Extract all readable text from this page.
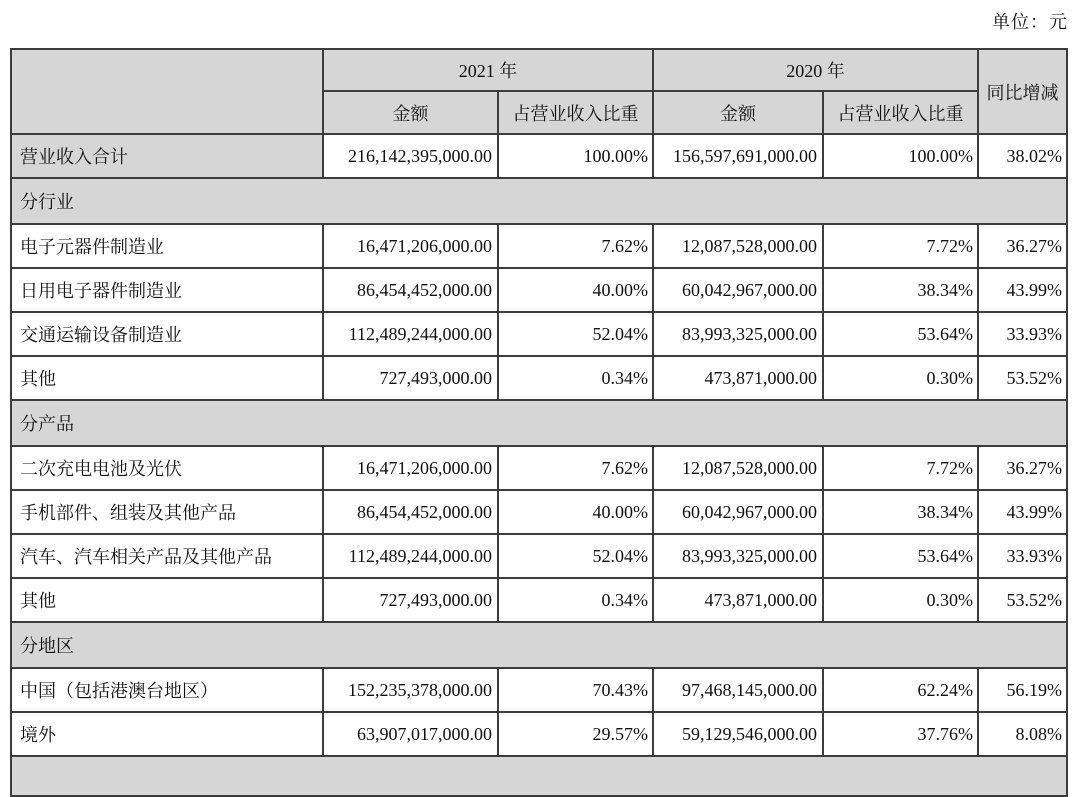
单位：元
	2021 年		2020 年		同比增减
	金额	占营业收入比重	金额	占营业收入比重	
营业收入合计	216,142,395,000.00	100.00%	156,597,691,000.00	100.00%	38.02%
分行业					
电子元器件制造业	16,471,206,000.00	7.62%	12,087,528,000.00	7.72%	36.27%
日用电子器件制造业	86,454,452,000.00	40.00%	60,042,967,000.00	38.34%	43.99%
交通运输设备制造业	112,489,244,000.00	52.04%	83,993,325,000.00	53.64%	33.93%
其他	727,493,000.00	0.34%	473,871,000.00	0.30%	53.52%
分产品					
二次充电电池及光伏	16,471,206,000.00	7.62%	12,087,528,000.00	7.72%	36.27%
手机部件、组装及其他产品	86,454,452,000.00	40.00%	60,042,967,000.00	38.34%	43.99%
汽车、汽车相关产品及其他产品	112,489,244,000.00	52.04%	83,993,325,000.00	53.64%	33.93%
其他	727,493,000.00	0.34%	473,871,000.00	0.30%	53.52%
分地区					
中国（包括港澳台地区）	152,235,378,000.00	70.43%	97,468,145,000.00	62.24%	56.19%
境外	63,907,017,000.00	29.57%	59,129,546,000.00	37.76%	8.08%
